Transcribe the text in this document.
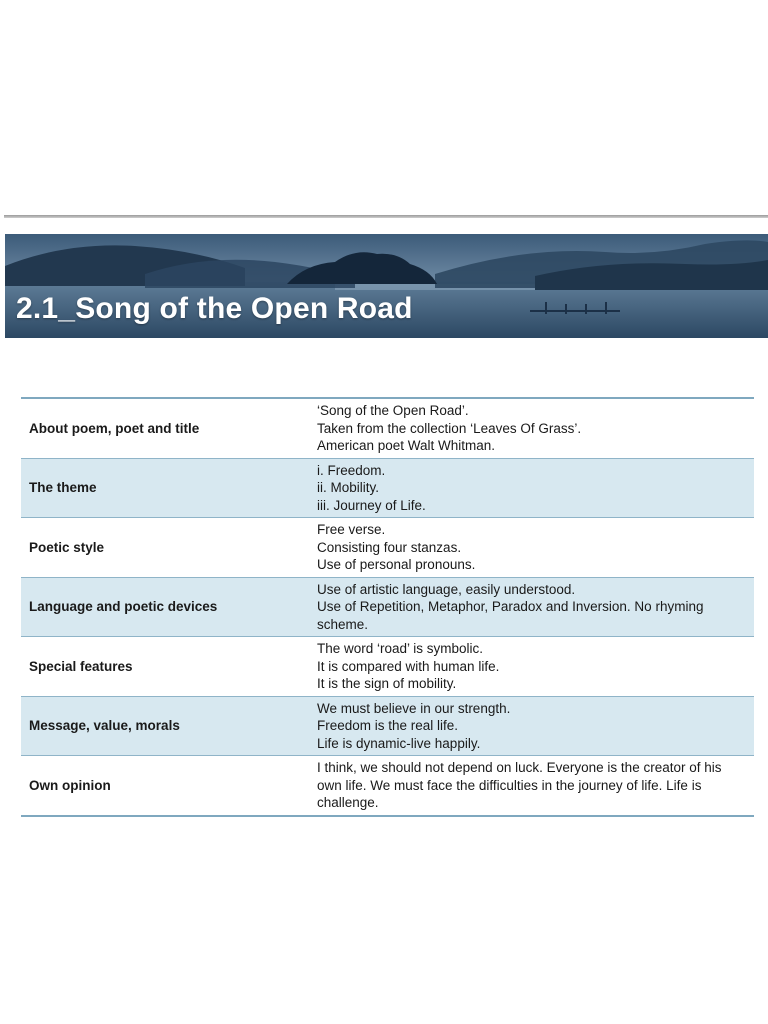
2.1_Song of the Open Road
About poem, poet and title	‘Song of the Open Road’.
Taken from the collection ‘Leaves Of Grass’.
American poet Walt Whitman.

The theme	i. Freedom.
ii. Mobility.
iii. Journey of Life.

Poetic style	Free verse.
Consisting four stanzas.
Use of personal pronouns.

Language and poetic devices	Use of artistic language, easily understood.
Use of Repetition, Metaphor, Paradox and Inversion. No rhyming scheme.

Special features	The word ‘road’ is symbolic.
It is compared with human life.
It is the sign of mobility.

Message, value, morals	We must believe in our strength.
Freedom is the real life.
Life is dynamic-live happily.

Own opinion	I think, we should not depend on luck. Everyone is the creator of his own life. We must face the difficulties in the journey of life. Life is challenge.
